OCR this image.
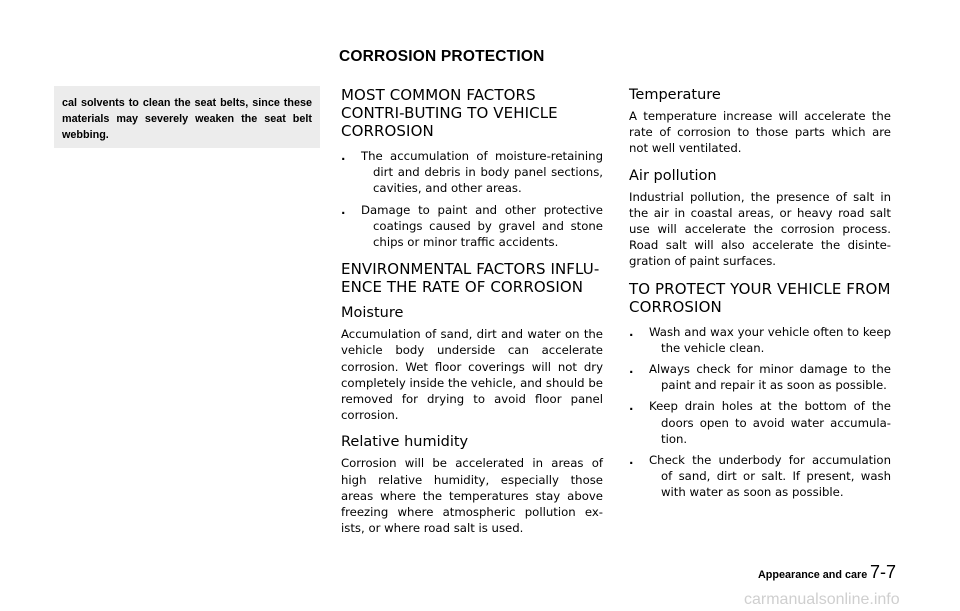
CORROSION PROTECTION

cal solvents to clean the seat belts, since these materials may severely weaken the seat belt webbing.

MOST COMMON FACTORS CONTRI-BUTING TO VEHICLE CORROSION
. The accumulation of moisture-retaining dirt and debris in body panel sections, cavities, and other areas.
. Damage to paint and other protective coatings caused by gravel and stone chips or minor traffic accidents.
ENVIRONMENTAL FACTORS INFLU-ENCE THE RATE OF CORROSION
Moisture

Accumulation of sand, dirt and water on the vehicle body underside can accelerate corrosion. Wet floor coverings will not dry completely inside the vehicle, and should be removed for drying to avoid floor panel corrosion.

Relative humidity

Corrosion will be accelerated in areas of high relative humidity, especially those areas where the temperatures stay above freezing where atmospheric pollution ex-ists, or where road salt is used.

Temperature

A temperature increase will accelerate the rate of corrosion to those parts which are not well ventilated.

Air pollution

Industrial pollution, the presence of salt in the air in coastal areas, or heavy road salt use will accelerate the corrosion process. Road salt will also accelerate the disinte-gration of paint surfaces.

TO PROTECT YOUR VEHICLE FROM CORROSION
. Wash and wax your vehicle often to keep the vehicle clean.
. Always check for minor damage to the paint and repair it as soon as possible.
. Keep drain holes at the bottom of the doors open to avoid water accumula-tion.
. Check the underbody for accumulation of sand, dirt or salt. If present, wash with water as soon as possible.
Appearance and care 7-7
carmanualsonline.info
